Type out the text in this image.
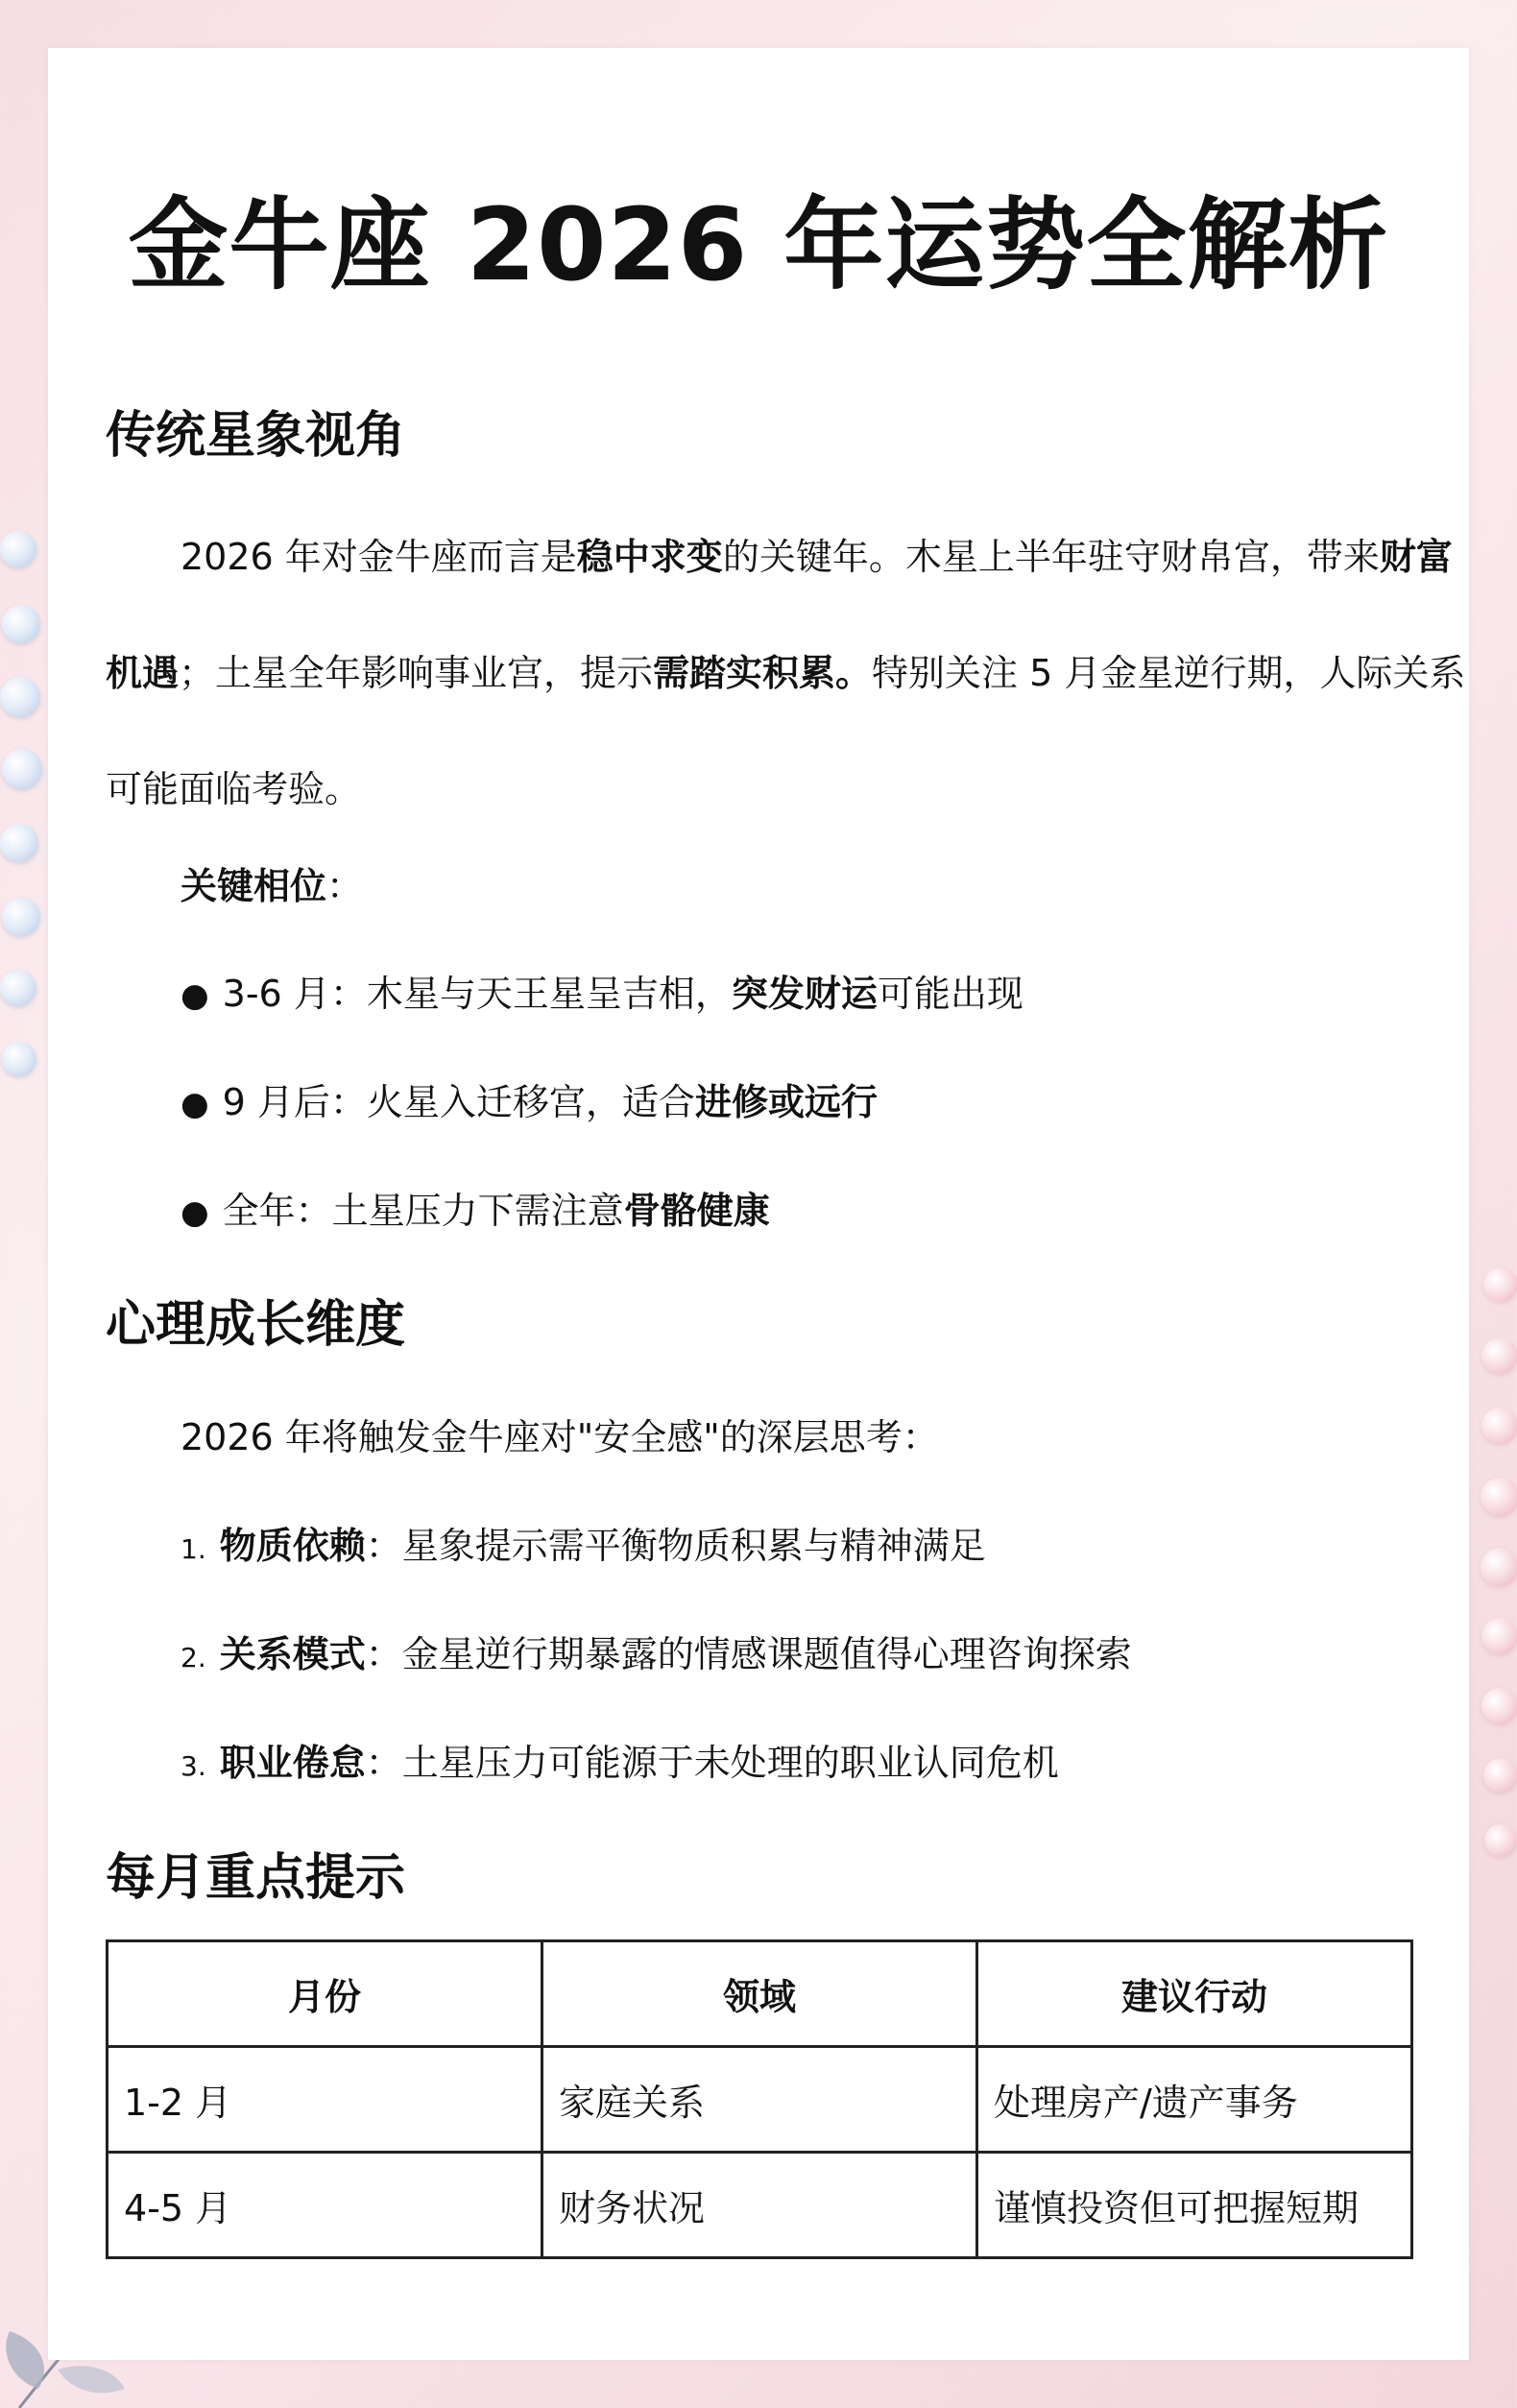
金牛座 2026 年运势全解析
传统星象视角
2026 年对金牛座而言是稳中求变的关键年。木星上半年驻守财帛宫，带来财富机遇；土星全年影响事业宫，提示需踏实积累。特别关注 5 月金星逆行期，人际关系可能面临考验。
关键相位：
● 3-6 月：木星与天王星呈吉相，突发财运可能出现
● 9 月后：火星入迁移宫，适合进修或远行
● 全年：土星压力下需注意骨骼健康
心理成长维度
2026 年将触发金牛座对"安全感"的深层思考：
1. 物质依赖：星象提示需平衡物质积累与精神满足
2. 关系模式：金星逆行期暴露的情感课题值得心理咨询探索
3. 职业倦怠：土星压力可能源于未处理的职业认同危机
每月重点提示
月份	领域	建议行动
1-2 月	家庭关系	处理房产/遗产事务
4-5 月	财务状况	谨慎投资但可把握短期
